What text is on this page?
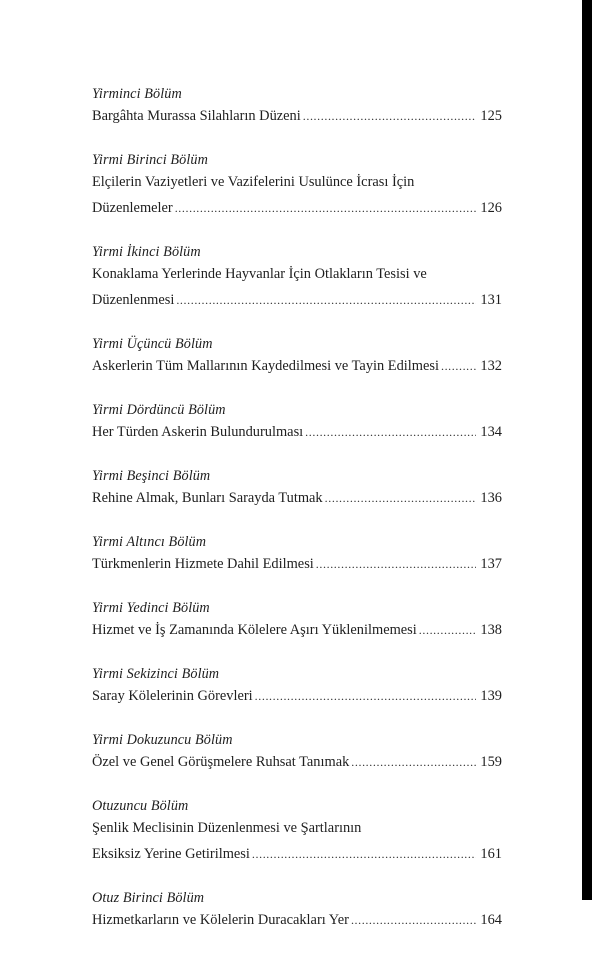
Yirminci Bölüm
Bargâhta Murassa Silahların Düzeni .....	125
Yirmi Birinci Bölüm
Elçilerin Vaziyetleri ve Vazifelerini Usulünce İcrası İçin
Düzenlemeler .....	126
Yirmi İkinci Bölüm
Konaklama Yerlerinde Hayvanlar İçin Otlakların Tesisi ve
Düzenlenmesi .....	131
Yirmi Üçüncü Bölüm
Askerlerin Tüm Mallarının Kaydedilmesi ve Tayin Edilmesi .....	132
Yirmi Dördüncü Bölüm
Her Türden Askerin Bulundurulması .....	134
Yirmi Beşinci Bölüm
Rehine Almak, Bunları Sarayda Tutmak .....	136
Yirmi Altıncı Bölüm
Türkmenlerin Hizmete Dahil Edilmesi .....	137
Yirmi Yedinci Bölüm
Hizmet ve İş Zamanında Kölelere Aşırı Yüklenilmemesi .....	138
Yirmi Sekizinci Bölüm
Saray Kölelerinin Görevleri .....	139
Yirmi Dokuzuncu Bölüm
Özel ve Genel Görüşmelere Ruhsat Tanımak .....	159
Otuzuncu Bölüm
Şenlik Meclisinin Düzenlenmesi ve Şartlarının
Eksiksiz Yerine Getirilmesi .....	161
Otuz Birinci Bölüm
Hizmetkarların ve Kölelerin Duracakları Yer .....	164
